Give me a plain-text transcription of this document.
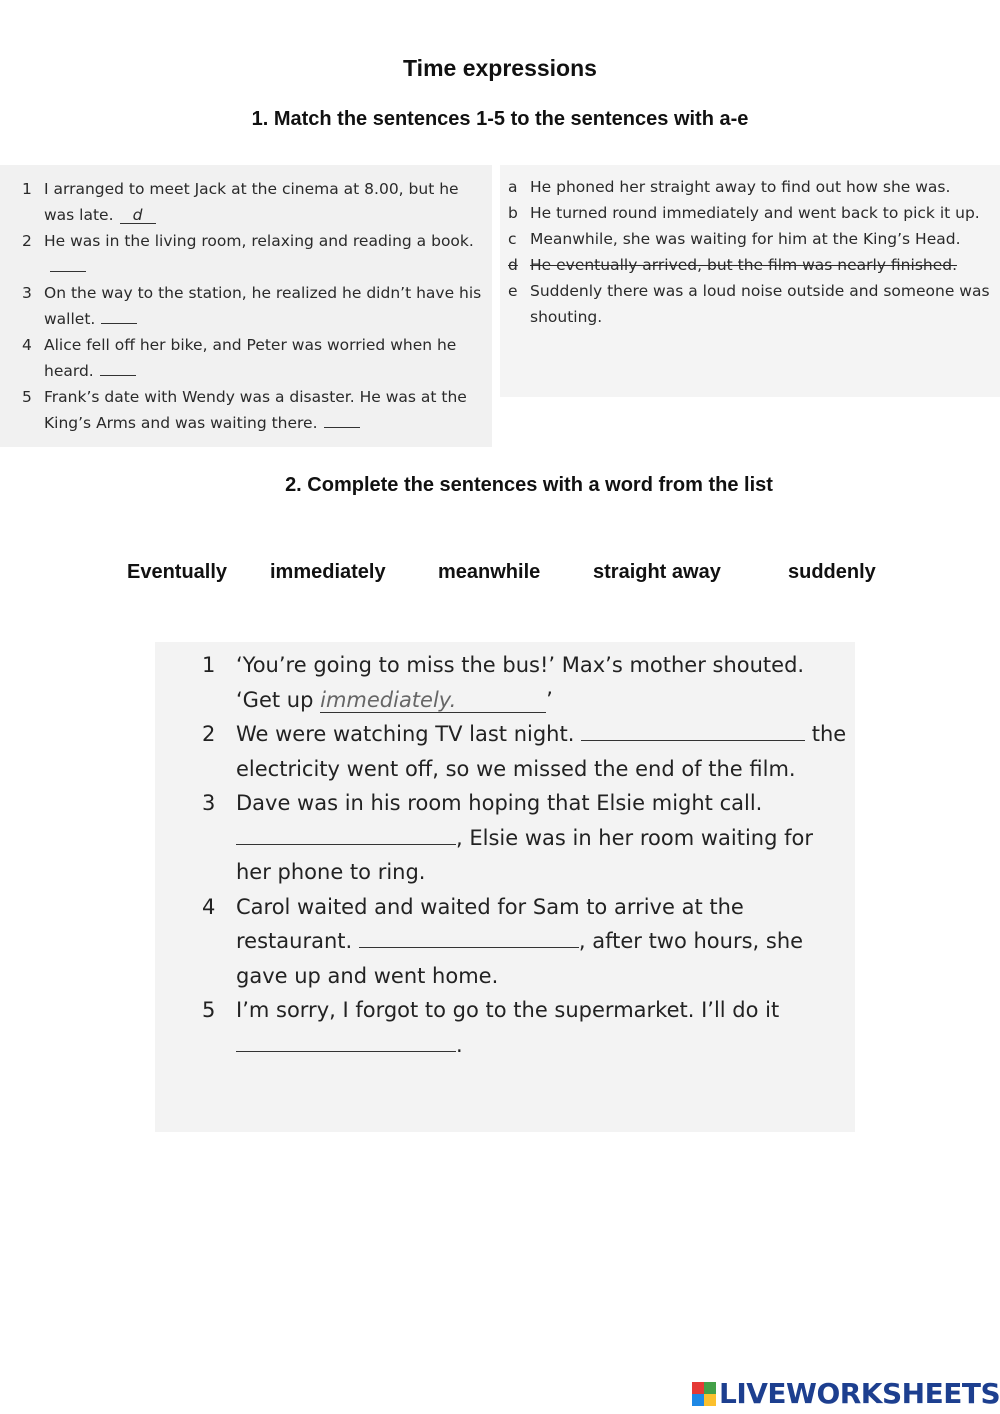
Time expressions
1. Match the sentences 1-5 to the sentences with a-e
1 I arranged to meet Jack at the cinema at 8.00, but he was late. d
2 He was in the living room, relaxing and reading a book.
3 On the way to the station, he realized he didn’t have his wallet.
4 Alice fell off her bike, and Peter was worried when he heard.
5 Frank’s date with Wendy was a disaster. He was at the King’s Arms and was waiting there.
a He phoned her straight away to find out how she was.
b He turned round immediately and went back to pick it up.
c Meanwhile, she was waiting for him at the King’s Head.
d He eventually arrived, but the film was nearly finished.
e Suddenly there was a loud noise outside and someone was shouting.
2. Complete the sentences with a word from the list
Eventually immediately	meanwhile	straight away	suddenly
1 ‘You’re going to miss the bus!’ Max’s mother shouted. ‘Get up immediately.	’
2 We were watching TV last night.	the electricity went off, so we missed the end of the film.
3 Dave was in his room hoping that Elsie might call. , Elsie was in her room waiting for her phone to ring.
4 Carol waited and waited for Sam to arrive at the restaurant.	, after two hours, she gave up and went home.
5 I’m sorry, I forgot to go to the supermarket. I’ll do it .
LIVEWORKSHEETS
